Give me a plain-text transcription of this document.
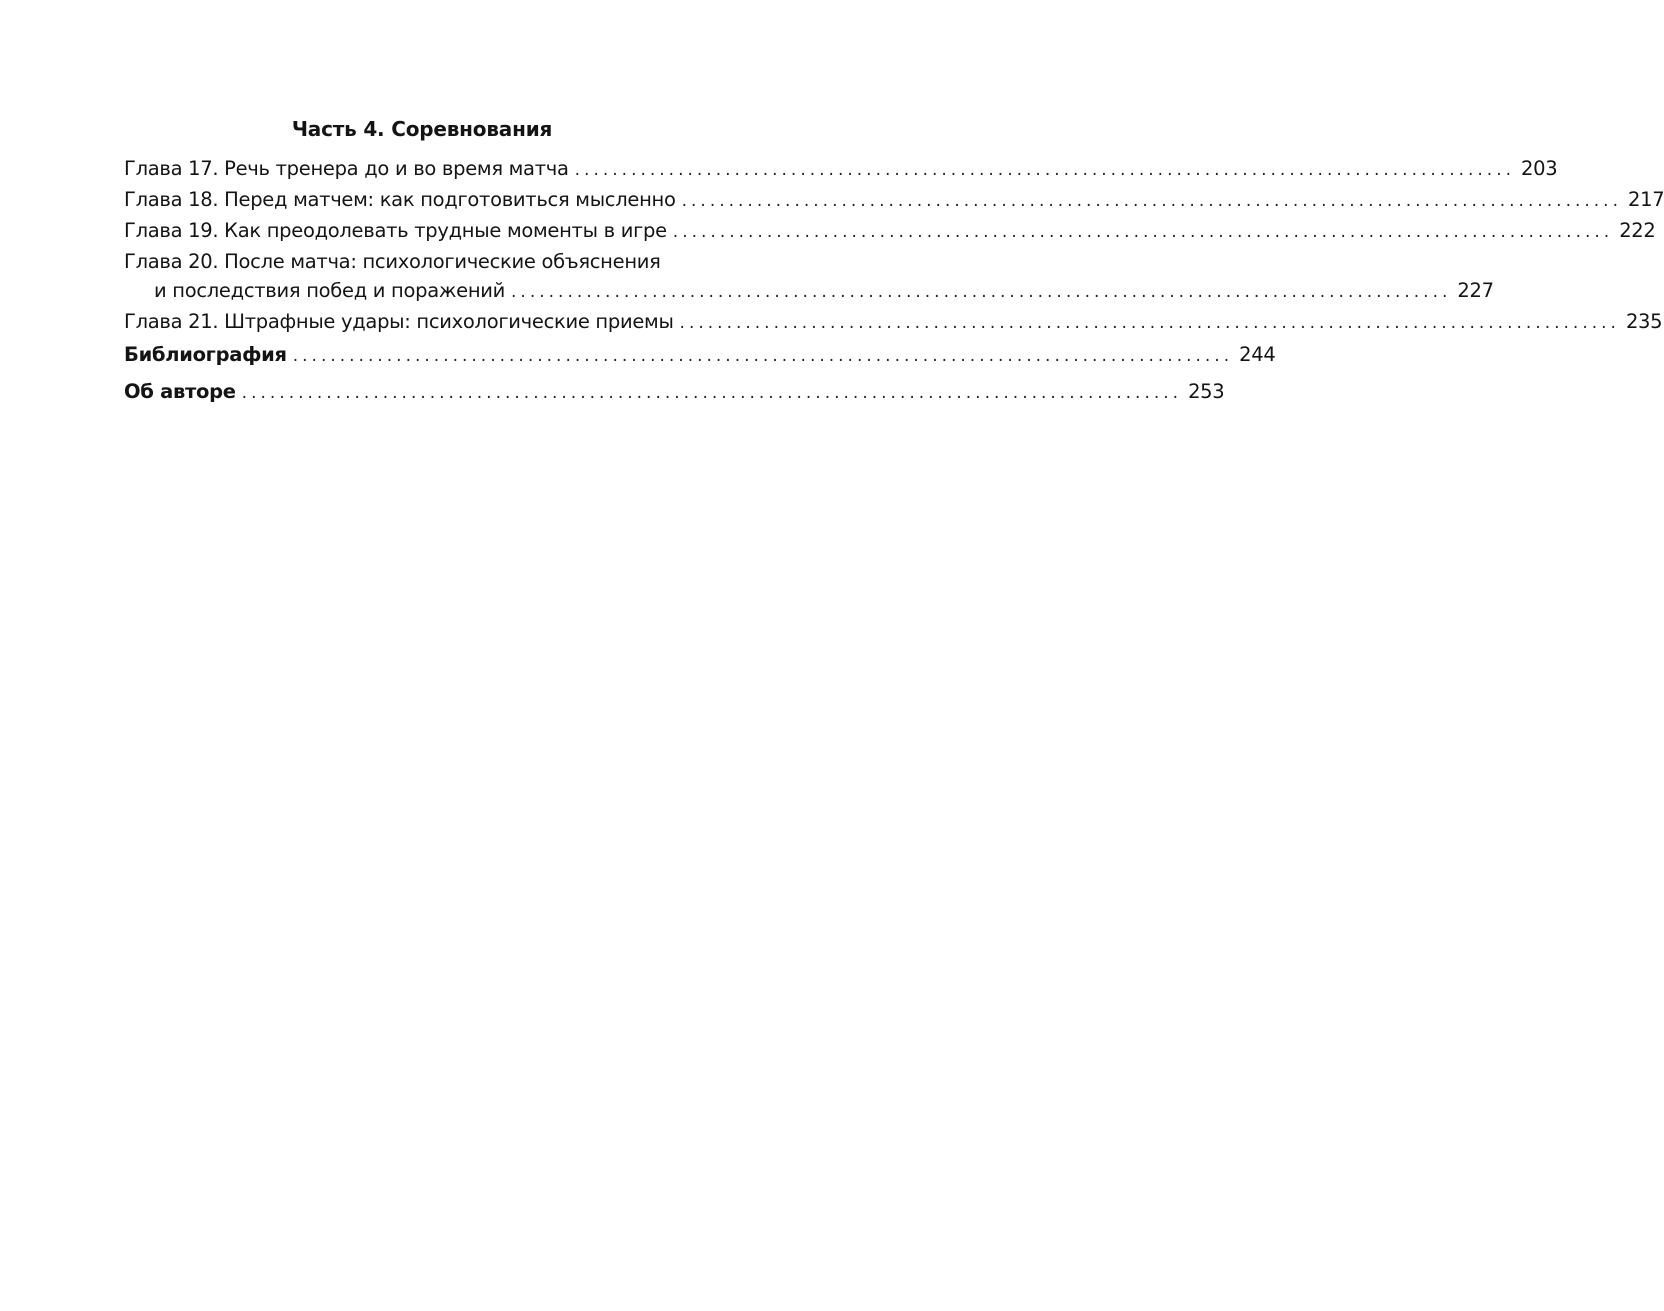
Часть 4. Соревнования
Глава 17. Речь тренера до и во время матча .................................................................................................... 203
Глава 18. Перед матчем: как подготовиться мысленно .................................................................................................... 217
Глава 19. Как преодолевать трудные моменты в игре .................................................................................................... 222
Глава 20. После матча: психологические объяснения
и последствия побед и поражений .................................................................................................... 227
Глава 21. Штрафные удары: психологические приемы .................................................................................................... 235
Библиография .................................................................................................... 244
Об авторе .................................................................................................... 253
